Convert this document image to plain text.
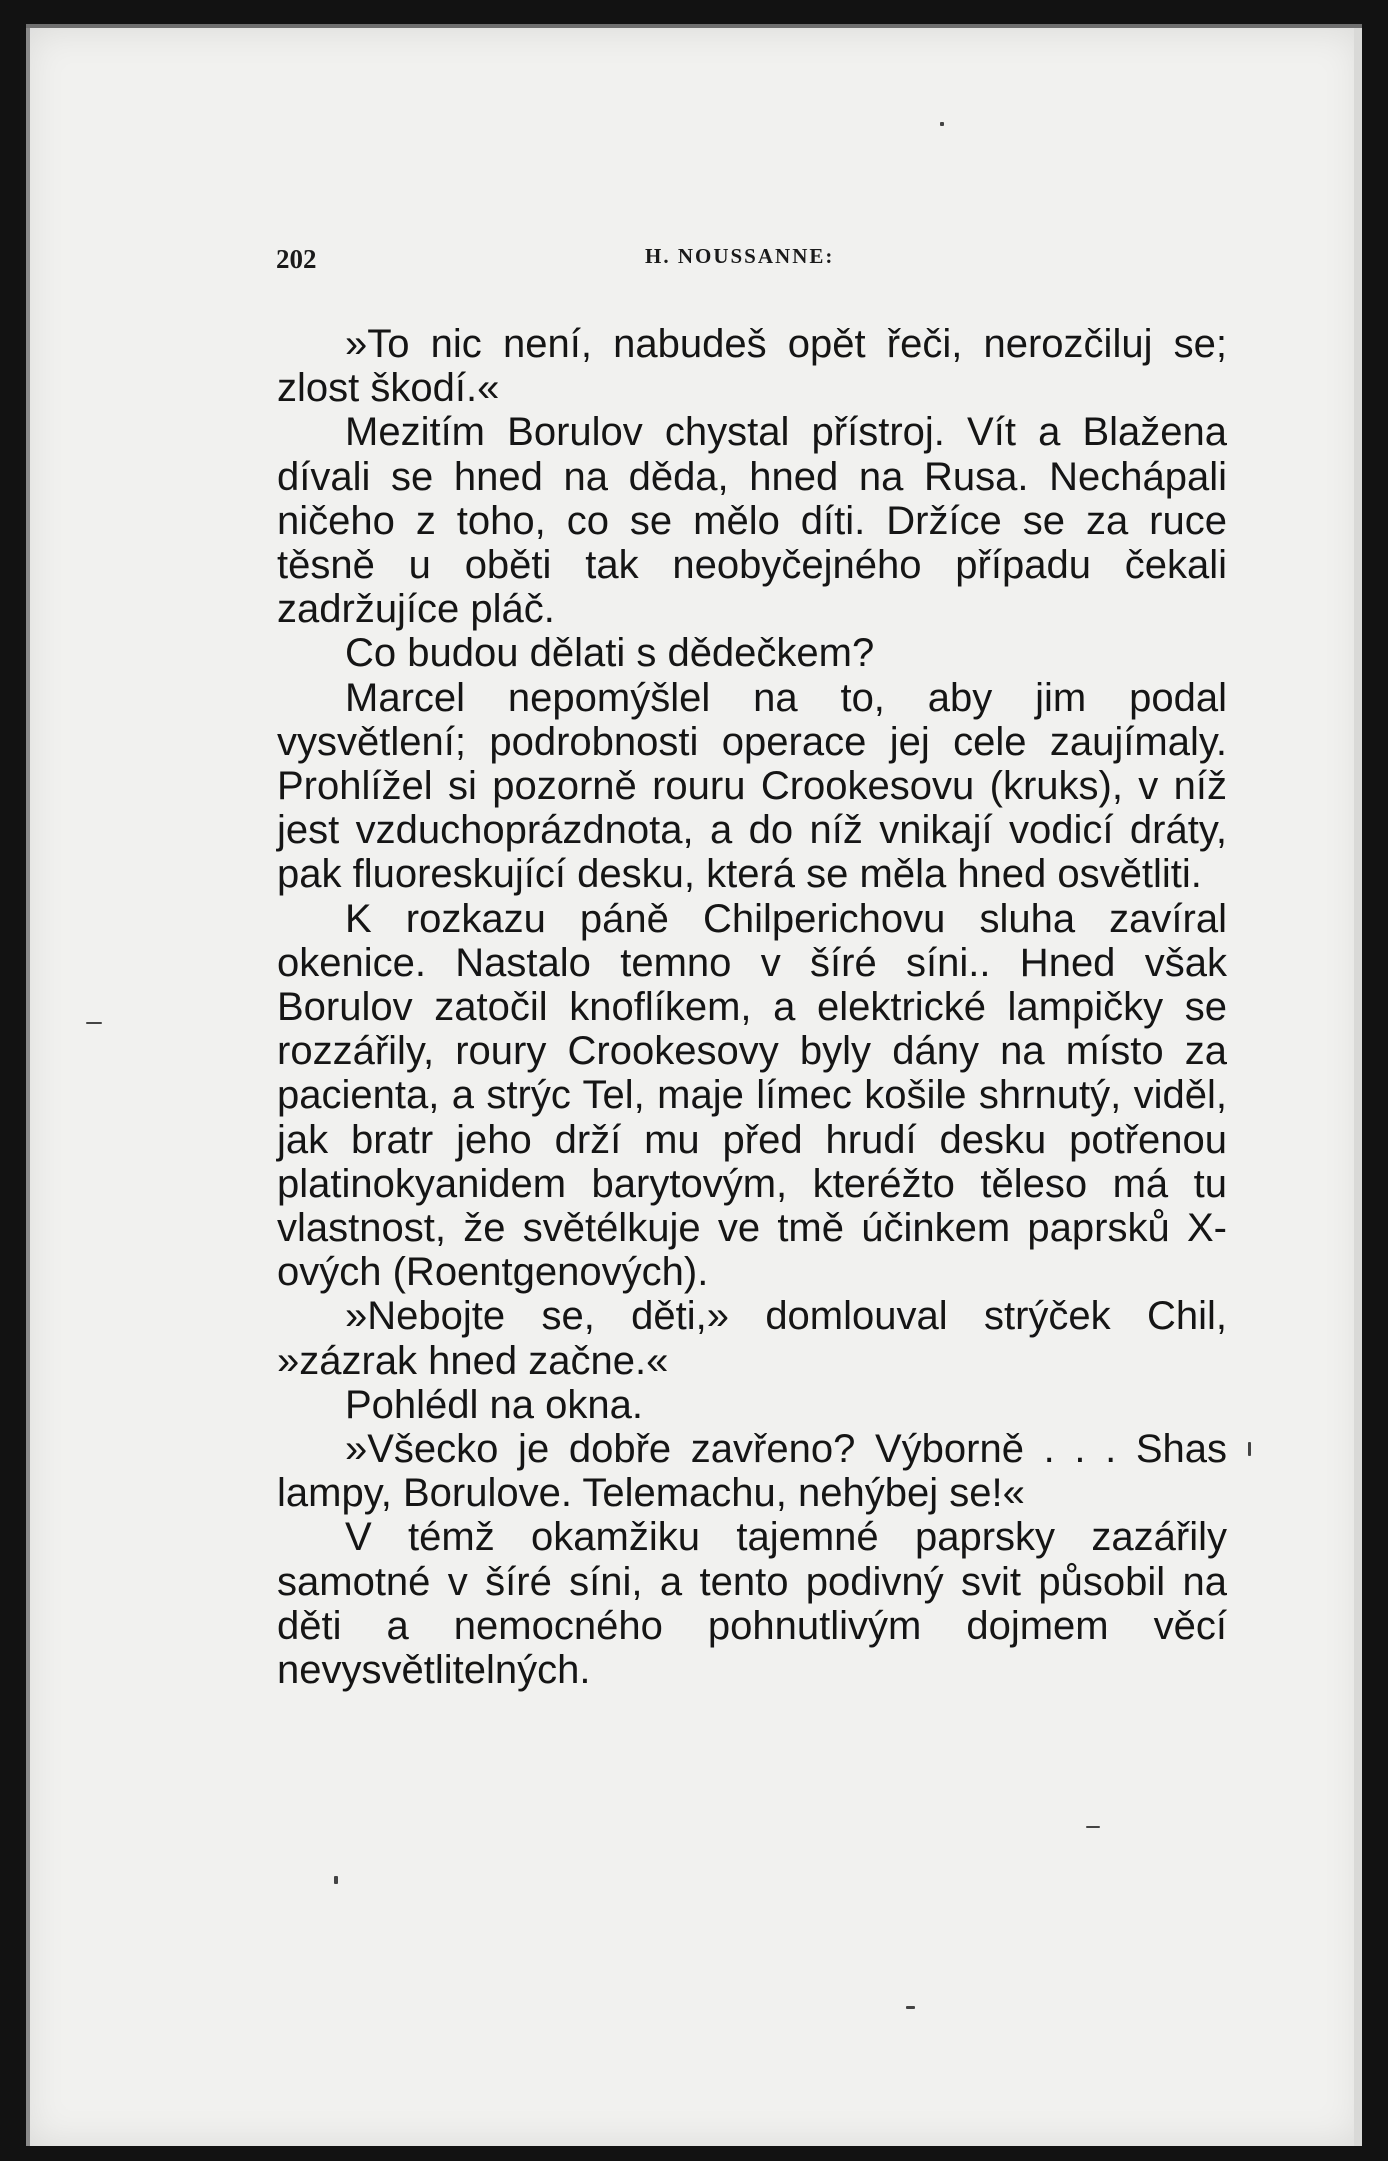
202	H. NOUSSANNE:

»To nic není, nabudeš opět řeči, nerozčiluj se; zlost škodí.«

Mezitím Borulov chystal přístroj. Vít a Blažena dívali se hned na děda, hned na Rusa. Nechápali ničeho z toho, co se mělo díti. Držíce se za ruce těsně u oběti tak neobyčejného případu čekali zadržujíce pláč.

Co budou dělati s dědečkem?

Marcel nepomýšlel na to, aby jim podal vysvětlení; podrobnosti operace jej cele zaujímaly. Prohlížel si pozorně rouru Crookesovu (kruks), v níž jest vzduchoprázdnota, a do níž vnikají vodicí dráty, pak fluoreskující desku, která se měla hned osvětliti.

K rozkazu páně Chilperichovu sluha zavíral okenice. Nastalo temno v šíré síni.. Hned však Borulov zatočil knoflíkem, a elektrické lampičky se rozzářily, roury Crookesovy byly dány na místo za pacienta, a strýc Tel, maje límec košile shrnutý, viděl, jak bratr jeho drží mu před hrudí desku potřenou platinokyanidem barytovým, kteréžto těleso má tu vlastnost, že světélkuje ve tmě účinkem paprsků X-ových (Roentgenových).

»Nebojte se, děti,» domlouval strýček Chil, »zázrak hned začne.«

Pohlédl na okna.

»Všecko je dobře zavřeno? Výborně . . . Shas lampy, Borulove. Telemachu, nehýbej se!«

V témž okamžiku tajemné paprsky zazářily samotné v šíré síni, a tento podivný svit působil na děti a nemocného pohnutlivým dojmem věcí nevysvětlitelných.
